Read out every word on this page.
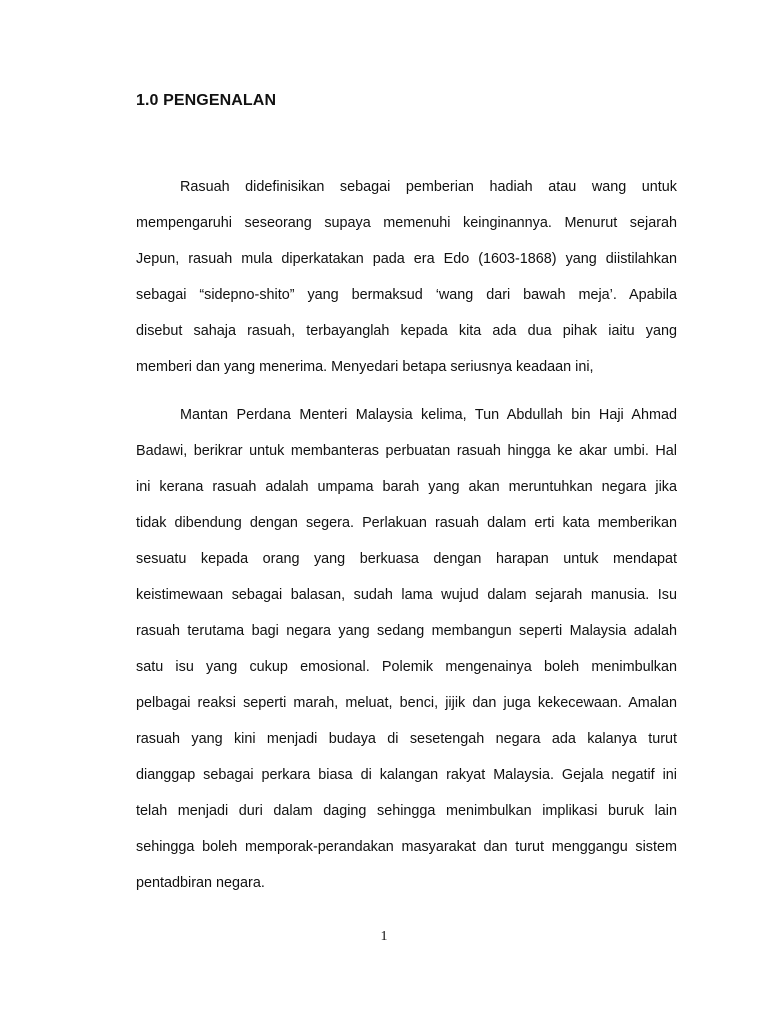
1.0 PENGENALAN
Rasuah didefinisikan sebagai pemberian hadiah atau wang untuk
mempengaruhi seseorang supaya memenuhi keinginannya. Menurut sejarah
Jepun, rasuah mula diperkatakan pada era Edo (1603-1868) yang diistilahkan
sebagai “sidepno-shito” yang bermaksud ‘wang dari bawah meja’. Apabila
disebut sahaja rasuah, terbayanglah kepada kita ada dua pihak iaitu yang
memberi dan yang menerima. Menyedari betapa seriusnya keadaan ini,
Mantan Perdana Menteri Malaysia kelima, Tun Abdullah bin Haji Ahmad
Badawi, berikrar untuk membanteras perbuatan rasuah hingga ke akar umbi. Hal
ini kerana rasuah adalah umpama barah yang akan meruntuhkan negara jika
tidak dibendung dengan segera. Perlakuan rasuah dalam erti kata memberikan
sesuatu kepada orang yang berkuasa dengan harapan untuk mendapat
keistimewaan sebagai balasan, sudah lama wujud dalam sejarah manusia. Isu
rasuah terutama bagi negara yang sedang membangun seperti Malaysia adalah
satu isu yang cukup emosional. Polemik mengenainya boleh menimbulkan
pelbagai reaksi seperti marah, meluat, benci, jijik dan juga kekecewaan. Amalan
rasuah yang kini menjadi budaya di sesetengah negara ada kalanya turut
dianggap sebagai perkara biasa di kalangan rakyat Malaysia. Gejala negatif ini
telah menjadi duri dalam daging sehingga menimbulkan implikasi buruk lain
sehingga boleh memporak-perandakan masyarakat dan turut menggangu sistem
pentadbiran negara.

1
